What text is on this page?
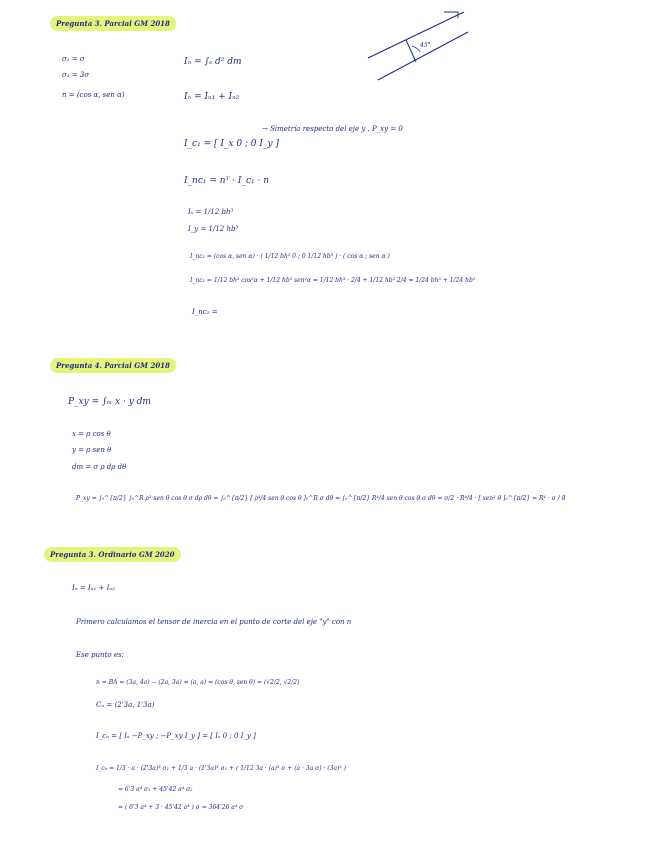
Pregunta 3. Parcial GM 2018
45°
σ₁ = σ
σ₂ = 3σ
n = (cos α, sen α)
Iₙ = ∫ₛ d² dm
Iₙ = Iₙ₁ + Iₙ₂
I_c₁ = [ I_x 0 ; 0 I_y ]
→ Simetría respecto del eje y , P_xy = 0
I_nc₁ = nᵀ · I_c₁ · n
Iₓ = 1/12 bh³
I_y = 1/12 hb³
I_nc₁ = (cos α, sen α) · ( 1/12 bh³ 0 ; 0 1/12 hb³ ) · ( cos α ; sen α )
I_nc₁ = 1/12 bh³ cos²α + 1/12 hb³ sen²α = 1/12 bh³ · 2/4 + 1/12 hb³ 2/4 = 1/24 bh³ + 1/24 hb³
I_nc₂ =
Pregunta 4. Parcial GM 2018
P_xy = ∫ₘ x · y dm
x = ρ cos θ
y = ρ sen θ
dm = σ ρ dρ dθ
P_xy = ∫₀^{π/2} ∫₀^R ρ³ sen θ cos θ σ dρ dθ = ∫₀^{π/2} [ ρ⁴/4 sen θ cos θ ]₀^R σ dθ = ∫₀^{π/2} R⁴/4 sen θ cos θ σ dθ = σ/2 · R⁴/4 · [ sen² θ ]₀^{π/2} = R⁴ · σ / 8
Pregunta 3. Ordinario GM 2020
Iₙ = Iₙ₁ + Iₙ₂
Primero calculamos el tensor de inercia en el punto de corte del eje "y" con n
Ese punto es:
n = BA = (3a, 4a) − (2a, 3a) = (a, a) = (cos θ, sen θ) = (√2/2, √2/2)
Cₙ = (2'3a, 1'3a)
I_cₙ = [ Iₓ −P_xy ; −P_xy I_y ] = [ Iₓ 0 ; 0 I_y ]
I_cₙ = 1/3 · a · (2'3a)³ σ₁ + 1/3 a · (1'3a)³ σ₁ + ( 1/12 3a · (a)³ σ + (a · 3a σ) · (3a)² )
= 6'3 a⁴ σ₁ + 45'42 a⁴ σ₂
= ( 6'3 a⁴ + 3 · 45'42 a⁴ ) σ = 364'26 a⁴ σ
